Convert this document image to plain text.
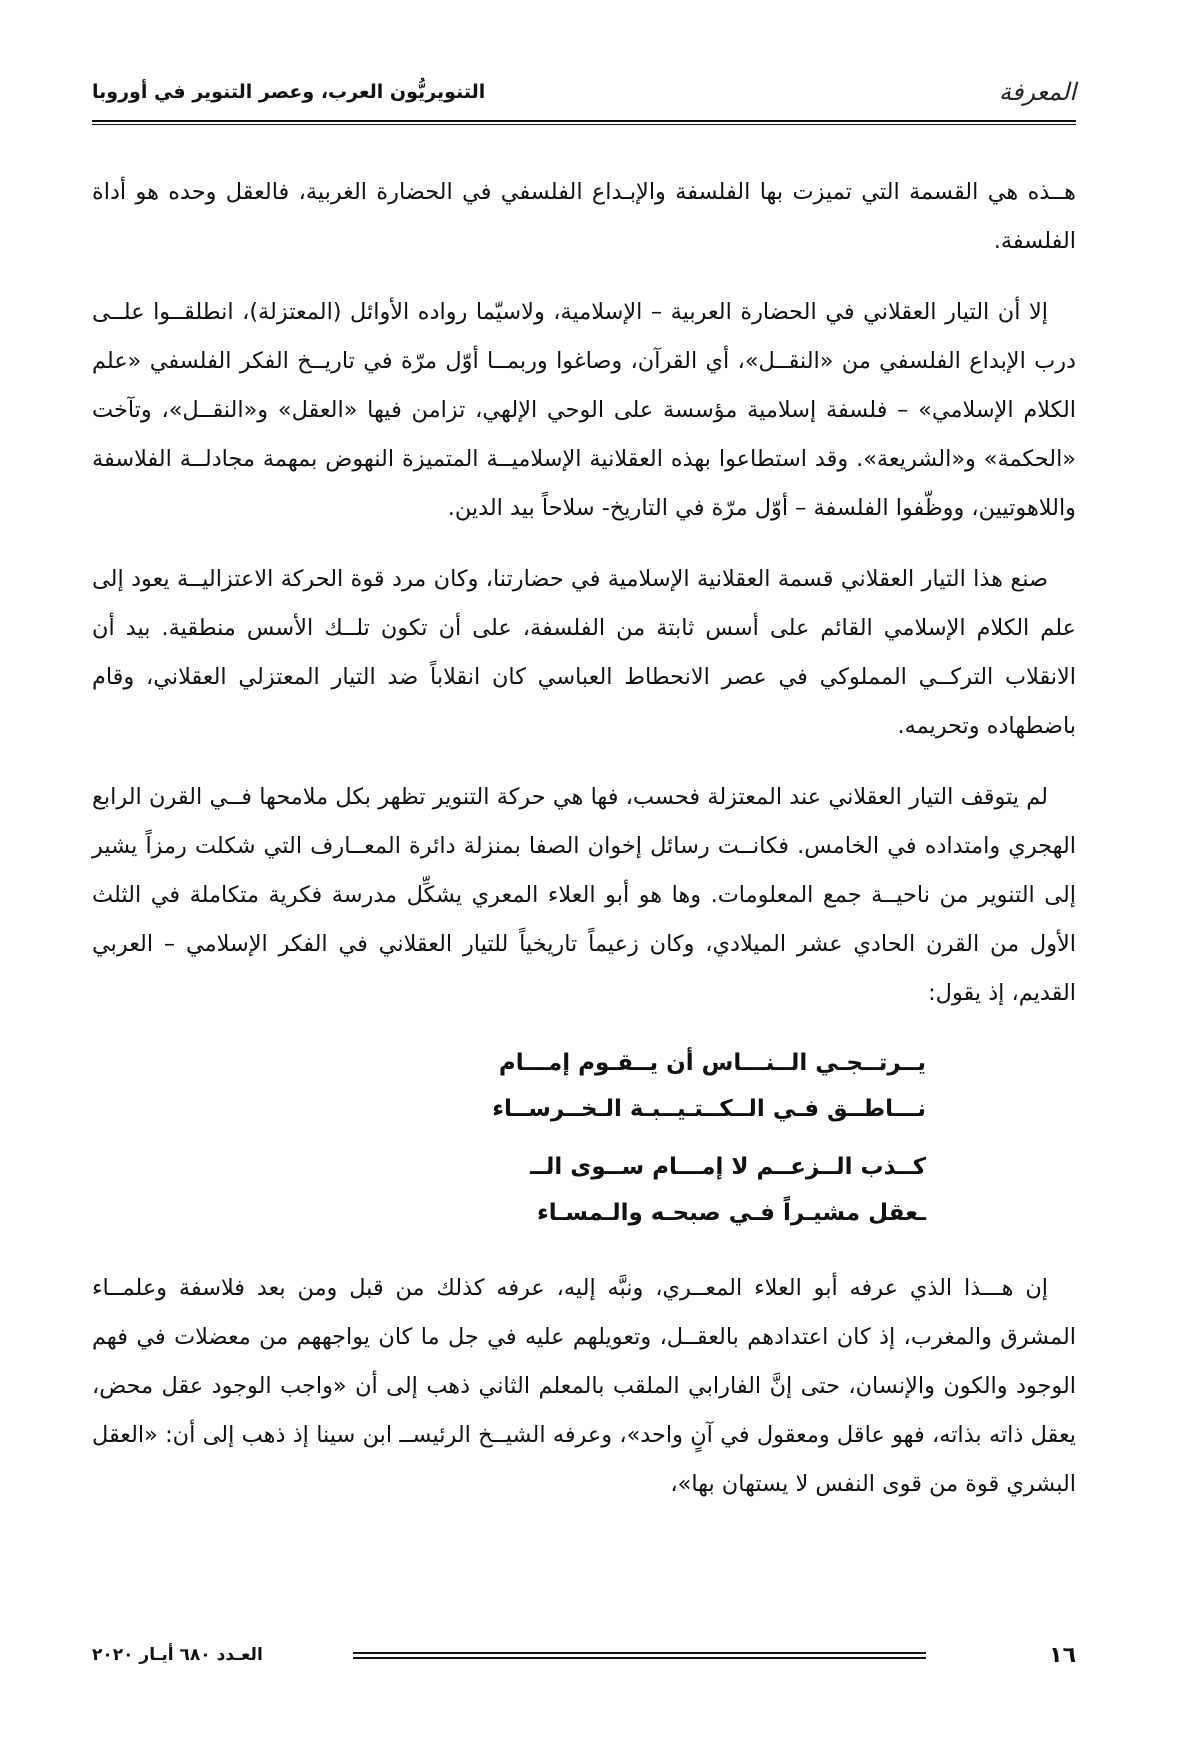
المعرفة
التنويريُّون العرب، وعصر التنوير في أوروبا

هــذه هي القسمة التي تميزت بها الفلسفة والإبـداع الفلسفي في الحضارة الغربية، فالعقل وحده هو أداة الفلسفة.

إلا أن التيار العقلاني في الحضارة العربية – الإسلامية، ولاسيّما رواده الأوائل (المعتزلة)، انطلقــوا علــى درب الإبداع الفلسفي من «النقــل»، أي القرآن، وصاغوا وربمــا أوّل مرّة في تاريــخ الفكر الفلسفي «علم الكلام الإسلامي» – فلسفة إسلامية مؤسسة على الوحي الإلهي، تزامن فيها «العقل» و«النقــل»، وتآخت «الحكمة» و«الشريعة». وقد استطاعوا بهذه العقلانية الإسلاميــة المتميزة النهوض بمهمة مجادلــة الفلاسفة واللاهوتيين، ووظّفوا الفلسفة – أوّل مرّة في التاريخ- سلاحاً بيد الدين.

صنع هذا التيار العقلاني قسمة العقلانية الإسلامية في حضارتنا، وكان مرد قوة الحركة الاعتزاليــة يعود إلى علم الكلام الإسلامي القائم على أسس ثابتة من الفلسفة، على أن تكون تلــك الأسس منطقية. بيد أن الانقلاب التركــي المملوكي في عصر الانحطاط العباسي كان انقلاباً ضد التيار المعتزلي العقلاني، وقام باضطهاده وتحريمه.

لم يتوقف التيار العقلاني عند المعتزلة فحسب، فها هي حركة التنوير تظهر بكل ملامحها فــي القرن الرابع الهجري وامتداده في الخامس. فكانــت رسائل إخوان الصفا بمنزلة دائرة المعــارف التي شكلت رمزاً يشير إلى التنوير من ناحيــة جمع المعلومات. وها هو أبو العلاء المعري يشكِّل مدرسة فكرية متكاملة في الثلث الأول من القرن الحادي عشر الميلادي، وكان زعيماً تاريخياً للتيار العقلاني في الفكر الإسلامي – العربي القديم، إذ يقول:

يــرتــجـي الــنـــاس أن يــقـوم إمـــام
نـــاطــق فـي الــكــتـيــبـة الـخــرســاء
كــذب الــزعــم لا إمـــام ســوى الــ
ـعقل مشيـراً فـي صبحـه والـمسـاء

إن هـــذا الذي عرفه أبو العلاء المعــري، ونبَّه إليه، عرفه كذلك من قبل ومن بعد فلاسفة وعلمــاء المشرق والمغرب، إذ كان اعتدادهم بالعقــل، وتعويلهم عليه في جل ما كان يواجههم من معضلات في فهم الوجود والكون والإنسان، حتى إنَّ الفارابي الملقب بالمعلم الثاني ذهب إلى أن «واجب الوجود عقل محض، يعقل ذاته بذاته، فهو عاقل ومعقول في آنٍ واحد»، وعرفه الشيــخ الرئيســ ابن سينا إذ ذهب إلى أن: «العقل البشري قوة من قوى النفس لا يستهان بها»،

١٦
العـدد ٦٨٠ أيـار ٢٠٢٠
